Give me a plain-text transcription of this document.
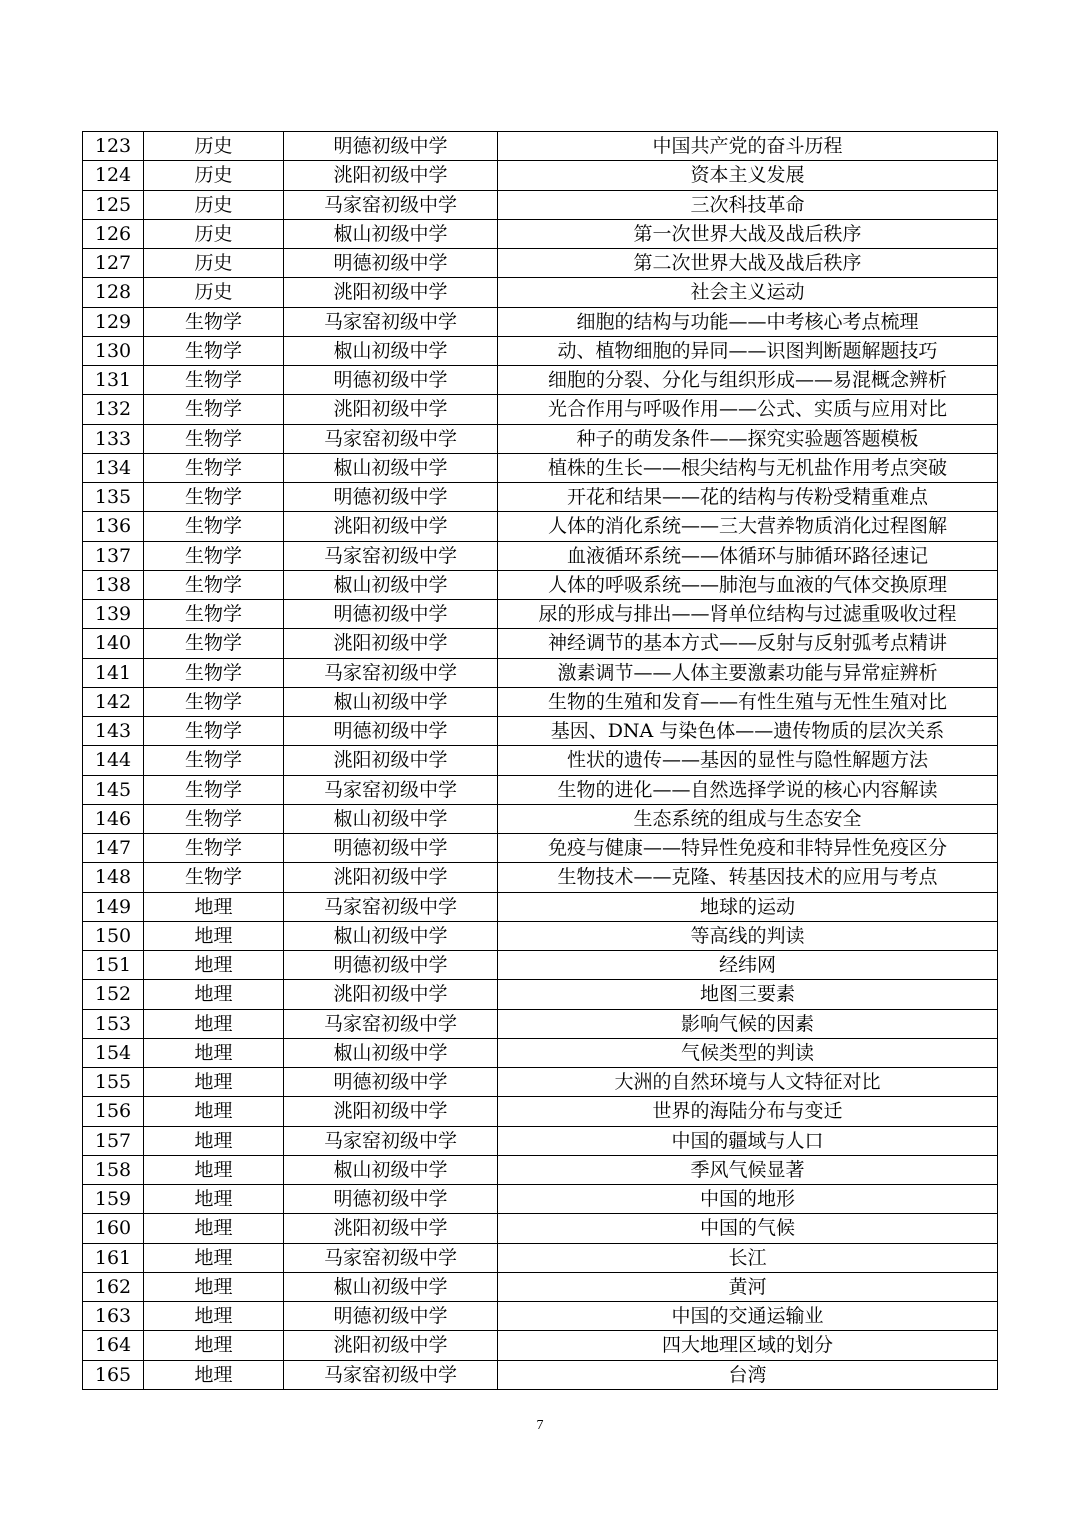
123	历史	明德初级中学	中国共产党的奋斗历程
124	历史	洮阳初级中学	资本主义发展
125	历史	马家窑初级中学	三次科技革命
126	历史	椒山初级中学	第一次世界大战及战后秩序
127	历史	明德初级中学	第二次世界大战及战后秩序
128	历史	洮阳初级中学	社会主义运动
129	生物学	马家窑初级中学	细胞的结构与功能——中考核心考点梳理
130	生物学	椒山初级中学	动、植物细胞的异同——识图判断题解题技巧
131	生物学	明德初级中学	细胞的分裂、分化与组织形成——易混概念辨析
132	生物学	洮阳初级中学	光合作用与呼吸作用——公式、实质与应用对比
133	生物学	马家窑初级中学	种子的萌发条件——探究实验题答题模板
134	生物学	椒山初级中学	植株的生长——根尖结构与无机盐作用考点突破
135	生物学	明德初级中学	开花和结果——花的结构与传粉受精重难点
136	生物学	洮阳初级中学	人体的消化系统——三大营养物质消化过程图解
137	生物学	马家窑初级中学	血液循环系统——体循环与肺循环路径速记
138	生物学	椒山初级中学	人体的呼吸系统——肺泡与血液的气体交换原理
139	生物学	明德初级中学	尿的形成与排出——肾单位结构与过滤重吸收过程
140	生物学	洮阳初级中学	神经调节的基本方式——反射与反射弧考点精讲
141	生物学	马家窑初级中学	激素调节——人体主要激素功能与异常症辨析
142	生物学	椒山初级中学	生物的生殖和发育——有性生殖与无性生殖对比
143	生物学	明德初级中学	基因、DNA 与染色体——遗传物质的层次关系
144	生物学	洮阳初级中学	性状的遗传——基因的显性与隐性解题方法
145	生物学	马家窑初级中学	生物的进化——自然选择学说的核心内容解读
146	生物学	椒山初级中学	生态系统的组成与生态安全
147	生物学	明德初级中学	免疫与健康——特异性免疫和非特异性免疫区分
148	生物学	洮阳初级中学	生物技术——克隆、转基因技术的应用与考点
149	地理	马家窑初级中学	地球的运动
150	地理	椒山初级中学	等高线的判读
151	地理	明德初级中学	经纬网
152	地理	洮阳初级中学	地图三要素
153	地理	马家窑初级中学	影响气候的因素
154	地理	椒山初级中学	气候类型的判读
155	地理	明德初级中学	大洲的自然环境与人文特征对比
156	地理	洮阳初级中学	世界的海陆分布与变迁
157	地理	马家窑初级中学	中国的疆域与人口
158	地理	椒山初级中学	季风气候显著
159	地理	明德初级中学	中国的地形
160	地理	洮阳初级中学	中国的气候
161	地理	马家窑初级中学	长江
162	地理	椒山初级中学	黄河
163	地理	明德初级中学	中国的交通运输业
164	地理	洮阳初级中学	四大地理区域的划分
165	地理	马家窑初级中学	台湾
7
